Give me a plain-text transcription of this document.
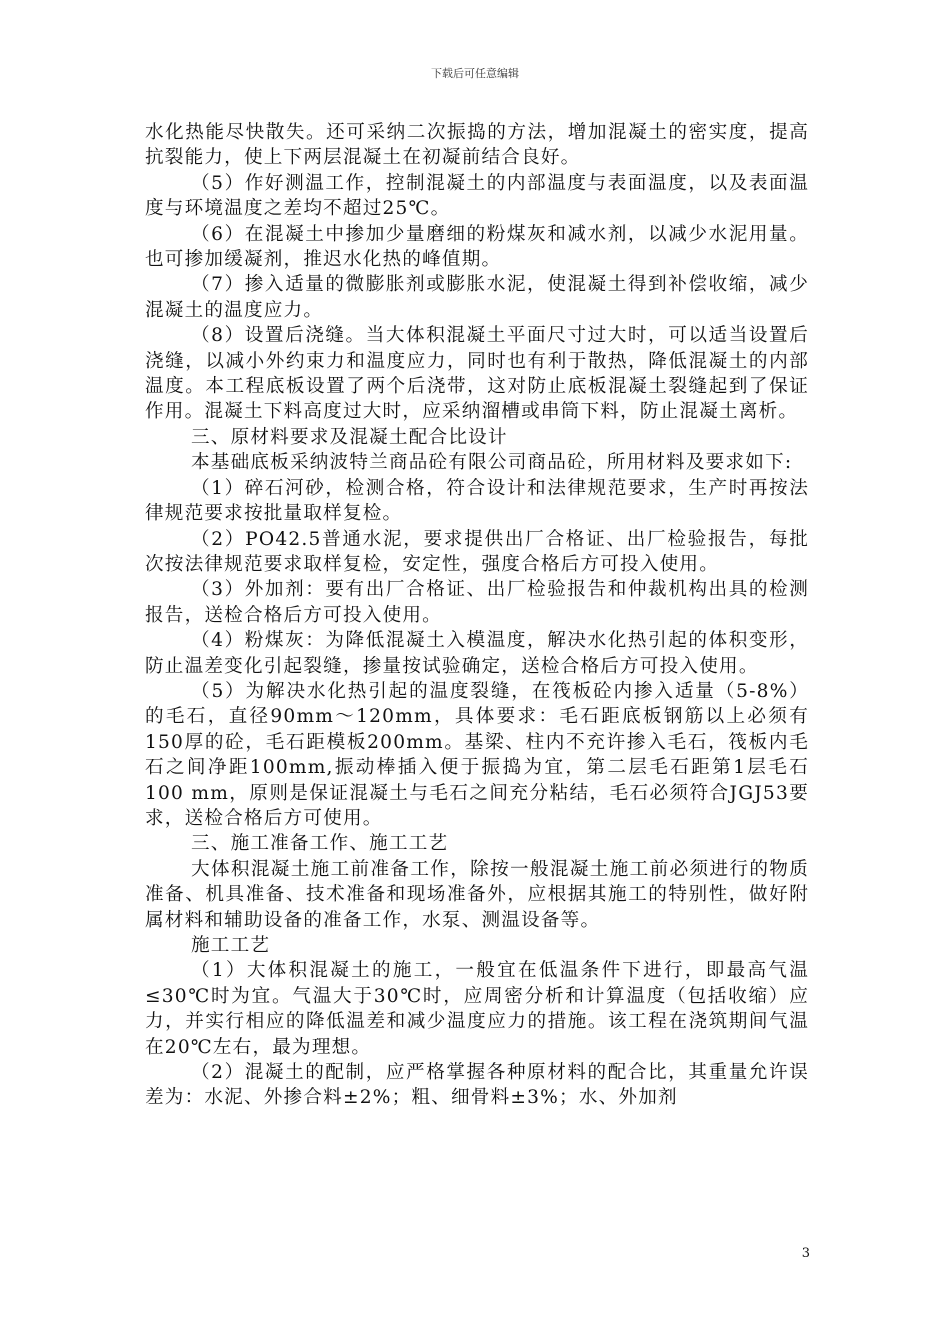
下载后可任意编辑

水化热能尽快散失。还可采纳二次振捣的方法，增加混凝土的密实度，提高抗裂能力，使上下两层混凝土在初凝前结合良好。

（5）作好测温工作，控制混凝土的内部温度与表面温度，以及表面温度与环境温度之差均不超过25℃。

（6）在混凝土中掺加少量磨细的粉煤灰和减水剂，以减少水泥用量。也可掺加缓凝剂，推迟水化热的峰值期。

（7）掺入适量的微膨胀剂或膨胀水泥，使混凝土得到补偿收缩，减少混凝土的温度应力。

（8）设置后浇缝。当大体积混凝土平面尺寸过大时，可以适当设置后浇缝，以减小外约束力和温度应力，同时也有利于散热，降低混凝土的内部温度。本工程底板设置了两个后浇带，这对防止底板混凝土裂缝起到了保证作用。混凝土下料高度过大时，应采纳溜槽或串筒下料，防止混凝土离析。

三、原材料要求及混凝土配合比设计

本基础底板采纳波特兰商品砼有限公司商品砼，所用材料及要求如下:

（1）碎石河砂，检测合格，符合设计和法律规范要求，生产时再按法律规范要求按批量取样复检。

（2）PO42.5普通水泥，要求提供出厂合格证、出厂检验报告，每批次按法律规范要求取样复检，安定性，强度合格后方可投入使用。

（3）外加剂：要有出厂合格证、出厂检验报告和仲裁机构出具的检测报告，送检合格后方可投入使用。

（4）粉煤灰：为降低混凝土入模温度，解决水化热引起的体积变形，防止温差变化引起裂缝，掺量按试验确定，送检合格后方可投入使用。

（5）为解决水化热引起的温度裂缝，在筏板砼内掺入适量（5-8%）的毛石，直径90mm～120mm，具体要求：毛石距底板钢筋以上必须有150厚的砼，毛石距模板200mm。基梁、柱内不充许掺入毛石，筏板内毛石之间净距100mm,振动棒插入便于振捣为宜，第二层毛石距第1层毛石100 mm，原则是保证混凝土与毛石之间充分粘结，毛石必须符合JGJ53要求，送检合格后方可使用。

三、施工准备工作、施工工艺

大体积混凝土施工前准备工作，除按一般混凝土施工前必须进行的物质准备、机具准备、技术准备和现场准备外，应根据其施工的特别性，做好附属材料和辅助设备的准备工作，水泵、测温设备等。

施工工艺

（1）大体积混凝土的施工，一般宜在低温条件下进行，即最高气温≤30℃时为宜。气温大于30℃时，应周密分析和计算温度（包括收缩）应力，并实行相应的降低温差和减少温度应力的措施。该工程在浇筑期间气温在20℃左右，最为理想。

（2）混凝土的配制，应严格掌握各种原材料的配合比，其重量允许误差为：水泥、外掺合料±2%；粗、细骨料±3%；水、外加剂

3
